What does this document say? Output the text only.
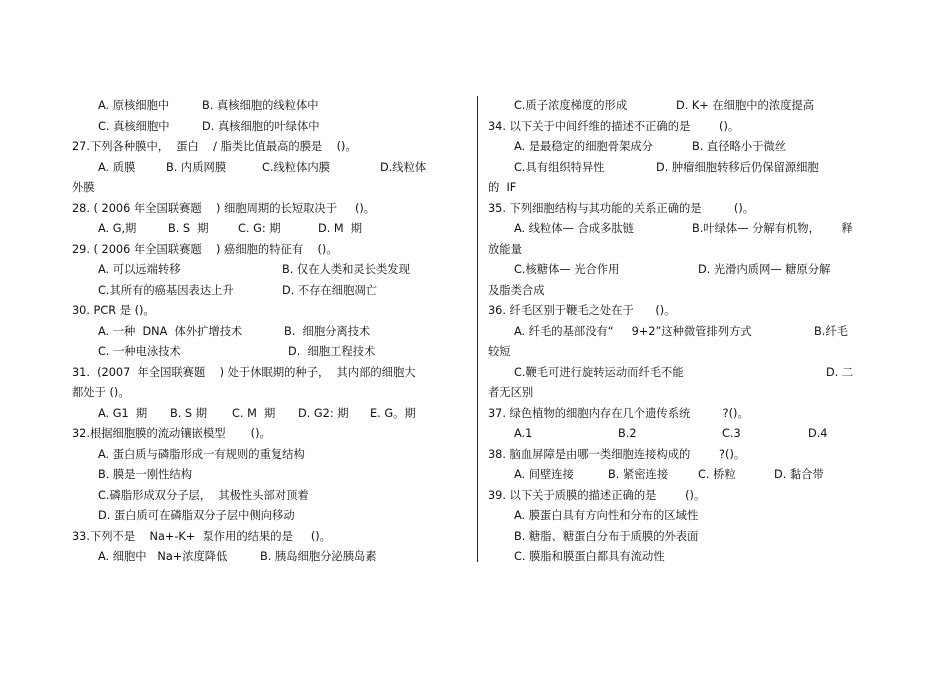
A. 原核细胞中	B. 真核细胞的线粒体中
C. 真核细胞中	D. 真核细胞的叶绿体中
27.下列各种膜中，  蛋白    / 脂类比值最高的膜是    ()。
A. 质膜	B. 内质网膜	C.线粒体内膜	D.线粒体
外膜
28. ( 2006 年全国联赛题    ) 细胞周期的长短取决于     ()。
A. G,期	B. S  期	C. G: 期	D. M  期
29. ( 2006 年全国联赛题    ) 癌细胞的特征有    ()。
A. 可以远端转移	B. 仅在人类和灵长类发现
C.其所有的癌基因表达上升	D. 不存在细胞凋亡
30. PCR 是 ()。
A. 一种  DNA  体外扩增技术	B.  细胞分离技术
C. 一种电泳技术	D.  细胞工程技术
31.  (2007  年全国联赛题    ) 处于休眠期的种子，  其内部的细胞大
都处于 ()。
A. G1  期	B. S 期	C. M  期	D. G2: 期	E. G。期
32.根据细胞膜的流动镶嵌模型       ()。
A. 蛋白质与磷脂形成一有规则的重复结构
B. 膜是一刚性结构
C.磷脂形成双分子层，  其极性头部对顶着
D. 蛋白质可在磷脂双分子层中侧向移动
33.下列不是    Na+-K+  泵作用的结果的是     ()。
A. 细胞中   Na+浓度降低	B. 胰岛细胞分泌胰岛素
C.质子浓度梯度的形成	D. K+ 在细胞中的浓度提高
34. 以下关于中间纤维的描述不正确的是        ()。
A. 是最稳定的细胞骨架成分	B. 直径略小于微丝
C.具有组织特异性	D. 肿瘤细胞转移后仍保留源细胞
的  IF
35. 下列细胞结构与其功能的关系正确的是         ()。
A. 线粒体— 合成多肽链	B.叶绿体— 分解有机物，      释
放能量
C.核糖体— 光合作用	D. 光滑内质网— 糖原分解
及脂类合成
36. 纤毛区别于鞭毛之处在于      ()。
A. 纤毛的基部没有“     9+2”这种微管排列方式	B.纤毛
较短
C.鞭毛可进行旋转运动而纤毛不能	D. 二
者无区别
37. 绿色植物的细胞内存在几个遗传系统         ?()。
A.1	B.2	C.3	D.4
38. 脑血屏障是由哪一类细胞连接构成的        ?()。
A. 间壁连接	B. 紧密连接	C. 桥粒	D. 黏合带
39. 以下关于质膜的描述正确的是        ()。
A. 膜蛋白具有方向性和分布的区域性
B. 糖脂、糖蛋白分布于质膜的外表面
C. 膜脂和膜蛋白都具有流动性
